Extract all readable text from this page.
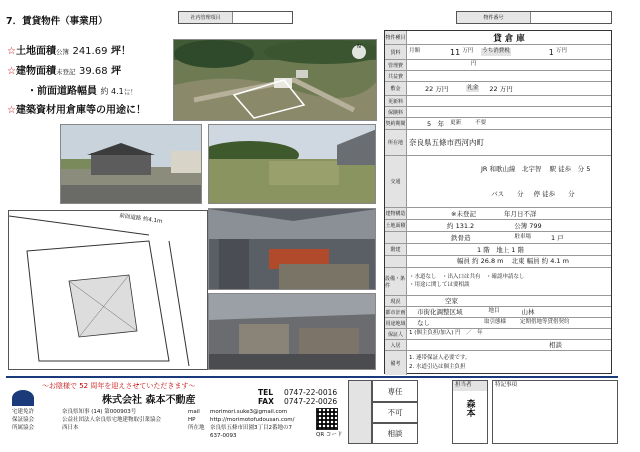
7．賃貸物件（事業用）	社内管理項目	物件番号
☆土地面積公簿 241.69 坪！
☆建物面積未登記 39.68 坪
・前面道路幅員 約 4.1㍍！
☆建築資材用倉庫等の用途に！
N
前面道路 約4.1m
物件種目	貸 倉 庫
賃料	月額	11 万円 うち消費税	1 万円
管理費	円
共益費
敷金	22 万円	礼金 22 万円
更新料
保険料
契約期間	5　年 更新	不要
所在地 奈良県五條市西河内町
交通
JR 和歌山線　北宇智 駅 徒歩　分 5
バス　　分 停 徒歩　　分
建物構造	※未登記	年月日不詳
土地面積	約 131.2	公簿 799
鉄骨造	駐車場	1 戸
階建	1 階　地上 1 階
幅員 約 26.8 m 北東 幅員 約 4.1 m
設備・条件
・水道なし　・出入口は共有　・確認申請なし
・用途に関しては要相談
現況	空家
都市計画 市街化調整区域	地目	山林
用途地域 なし	取引態様	定期借地等貸借契約
保証人	1 (個主負担/加入) 円　／　年
入居	相談
備考
1. 連帯保証人必要です。
2. 水道引込は個主負担
〜お陰様で 52 周年を迎えさせていただきます〜
株式会社 森本不動産
TEL 0747-22-0016
FAX 0747-22-0026
宅建免許	奈良県知事 (14) 第000903号
保証協会	公益社団法人奈良県宅地建物取引業協会
所属協会	西日本
mail morimori.suke3@gmail.com
HP	http://morimotofudousan.com/
所在地 奈良県五條市田園3丁目2番地の7
637-0093	QR コード
専任
不可
相談
担当者
森本
特記事項
